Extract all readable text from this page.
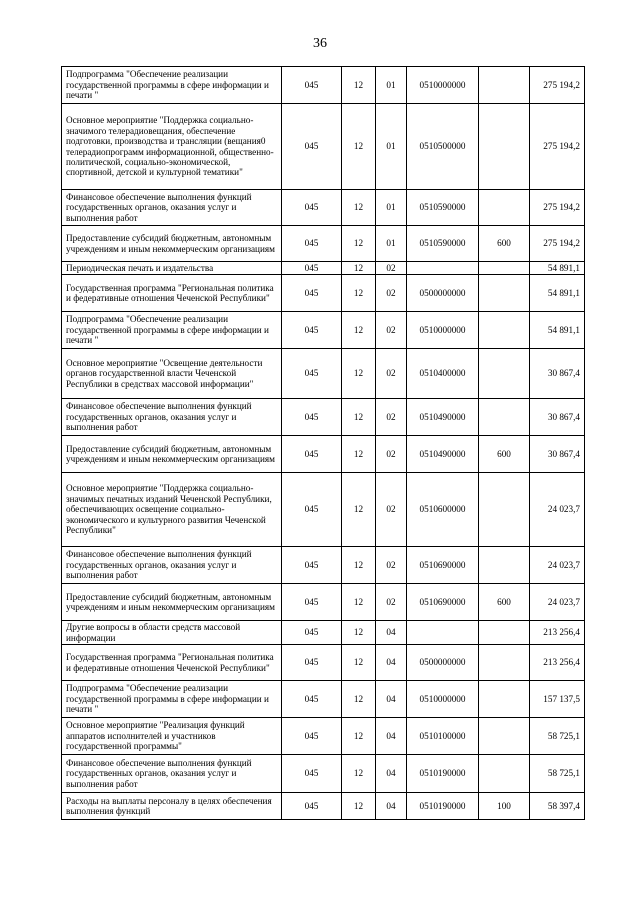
36
Подпрограмма "Обеспечение реализации государственной программы в сфере информации и печати "	045	12	01	0510000000		275 194,2
Основное мероприятие "Поддержка социально-значимого телерадиовещания, обеспечение подготовки, производства и трансляции (вещания0 телерадиопрограмм информационной, общественно-политической, социально-экономической, спортивной, детской и культурной тематики"	045	12	01	0510500000		275 194,2
Финансовое обеспечение выполнения функций государственных органов, оказания услуг и выполнения работ	045	12	01	0510590000		275 194,2
Предоставление субсидий бюджетным, автономным учреждениям и иным некоммерческим организациям	045	12	01	0510590000	600	275 194,2
Периодическая печать и издательства	045	12	02			54 891,1
Государственная программа "Региональная политика и федеративные отношения Чеченской Республики"	045	12	02	0500000000		54 891,1
Подпрограмма "Обеспечение реализации государственной программы в сфере информации и печати "	045	12	02	0510000000		54 891,1
Основное мероприятие "Освещение деятельности органов государственной власти Чеченской Республики в средствах массовой информации"	045	12	02	0510400000		30 867,4
Финансовое обеспечение выполнения функций государственных органов, оказания услуг и выполнения работ	045	12	02	0510490000		30 867,4
Предоставление субсидий бюджетным, автономным учреждениям и иным некоммерческим организациям	045	12	02	0510490000	600	30 867,4
Основное мероприятие "Поддержка социально-значимых печатных изданий Чеченской Республики, обеспечивающих освещение социально-экономического и культурного развития Чеченской Республики"	045	12	02	0510600000		24 023,7
Финансовое обеспечение выполнения функций государственных органов, оказания услуг и выполнения работ	045	12	02	0510690000		24 023,7
Предоставление субсидий бюджетным, автономным учреждениям и иным некоммерческим организациям	045	12	02	0510690000	600	24 023,7
Другие вопросы в области средств массовой информации	045	12	04			213 256,4
Государственная программа "Региональная политика и федеративные отношения Чеченской Республики"	045	12	04	0500000000		213 256,4
Подпрограмма "Обеспечение реализации государственной программы в сфере информации и печати "	045	12	04	0510000000		157 137,5
Основное мероприятие "Реализация функций аппаратов исполнителей и участников государственной программы"	045	12	04	0510100000		58 725,1
Финансовое обеспечение выполнения функций государственных органов, оказания услуг и выполнения работ	045	12	04	0510190000		58 725,1
Расходы на выплаты персоналу в целях обеспечения выполнения функций	045	12	04	0510190000	100	58 397,4
